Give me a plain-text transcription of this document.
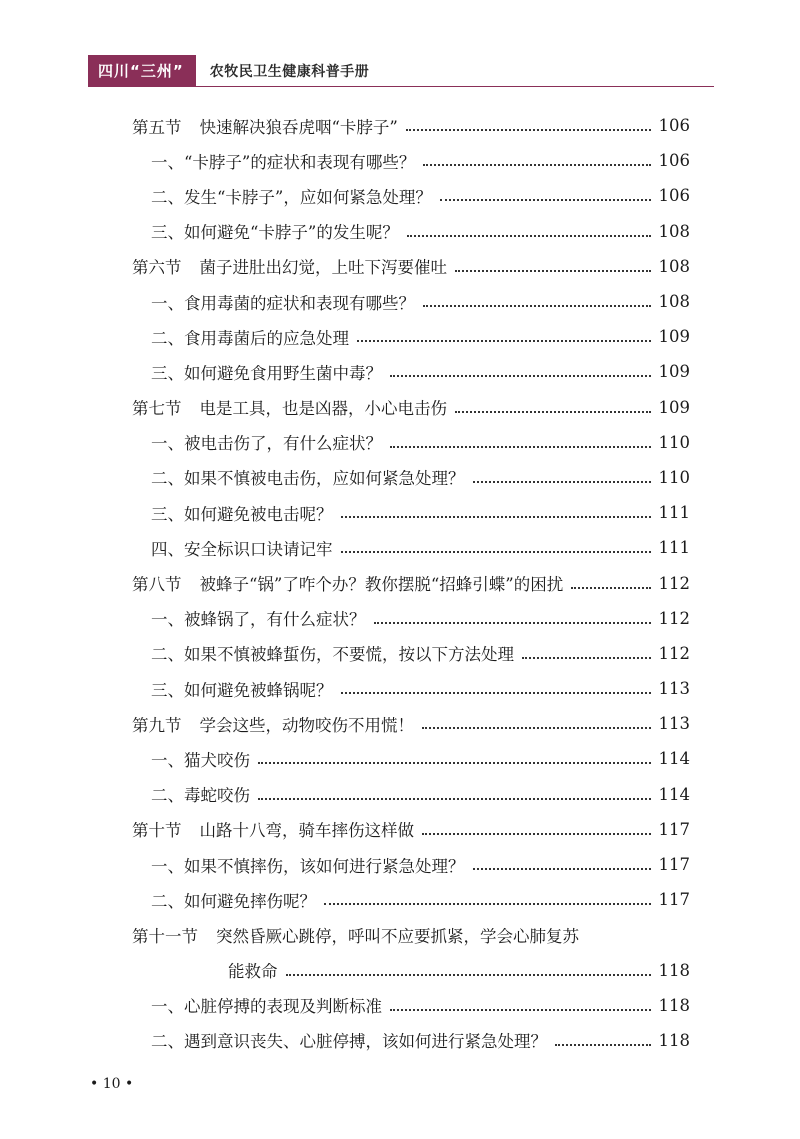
四川“三州”	农牧民卫生健康科普手册
第五节 快速解决狼吞虎咽“卡脖子”	106
一、“卡脖子”的症状和表现有哪些？	106
二、发生“卡脖子”，应如何紧急处理？	106
三、如何避免“卡脖子”的发生呢？	108
第六节 菌子进肚出幻觉，上吐下泻要催吐	108
一、食用毒菌的症状和表现有哪些？	108
二、食用毒菌后的应急处理	109
三、如何避免食用野生菌中毒？	109
第七节 电是工具，也是凶器，小心电击伤	109
一、被电击伤了，有什么症状？	110
二、如果不慎被电击伤，应如何紧急处理？	110
三、如何避免被电击呢？	111
四、安全标识口诀请记牢	111
第八节 被蜂子“锅”了咋个办？教你摆脱“招蜂引蝶”的困扰	112
一、被蜂锅了，有什么症状？	112
二、如果不慎被蜂蜇伤，不要慌，按以下方法处理	112
三、如何避免被蜂锅呢？	113
第九节 学会这些，动物咬伤不用慌！	113
一、猫犬咬伤	114
二、毒蛇咬伤	114
第十节 山路十八弯，骑车摔伤这样做	117
一、如果不慎摔伤，该如何进行紧急处理？	117
二、如何避免摔伤呢？	117
第十一节 突然昏厥心跳停，呼叫不应要抓紧，学会心肺复苏
能救命	118
一、心脏停搏的表现及判断标准	118
二、遇到意识丧失、心脏停搏，该如何进行紧急处理？	118
• 10 •
